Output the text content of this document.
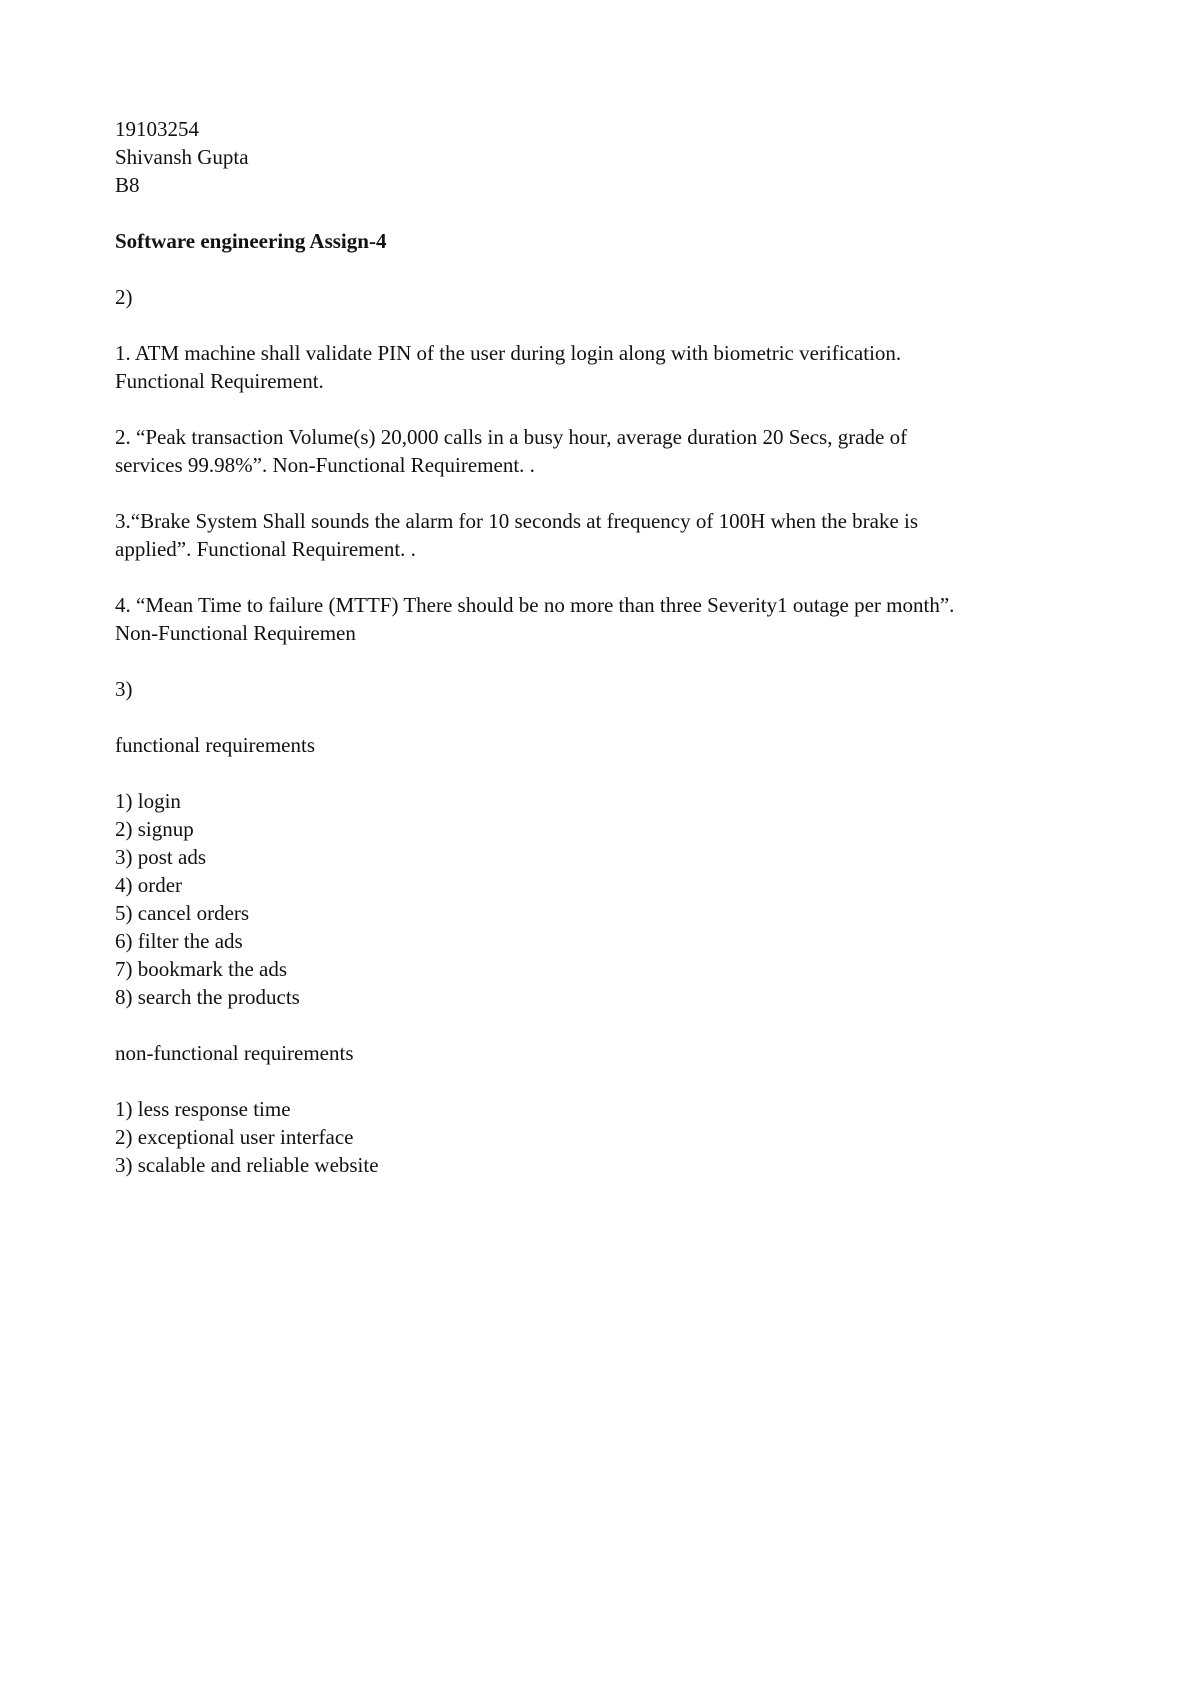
19103254
Shivansh Gupta
B8
Software engineering Assign-4
2)
1. ATM machine shall validate PIN of the user during login along with biometric verification.
Functional Requirement.
2. “Peak transaction Volume(s) 20,000 calls in a busy hour, average duration 20 Secs, grade of
services 99.98%”. Non-Functional Requirement. .
3.“Brake System Shall sounds the alarm for 10 seconds at frequency of 100H when the brake is
applied”. Functional Requirement. .
4. “Mean Time to failure (MTTF) There should be no more than three Severity1 outage per month”.
Non-Functional Requiremen
3)
functional requirements
1) login
2) signup
3) post ads
4) order
5) cancel orders
6) filter the ads
7) bookmark the ads
8) search the products
non-functional requirements
1) less response time
2) exceptional user interface
3) scalable and reliable website
